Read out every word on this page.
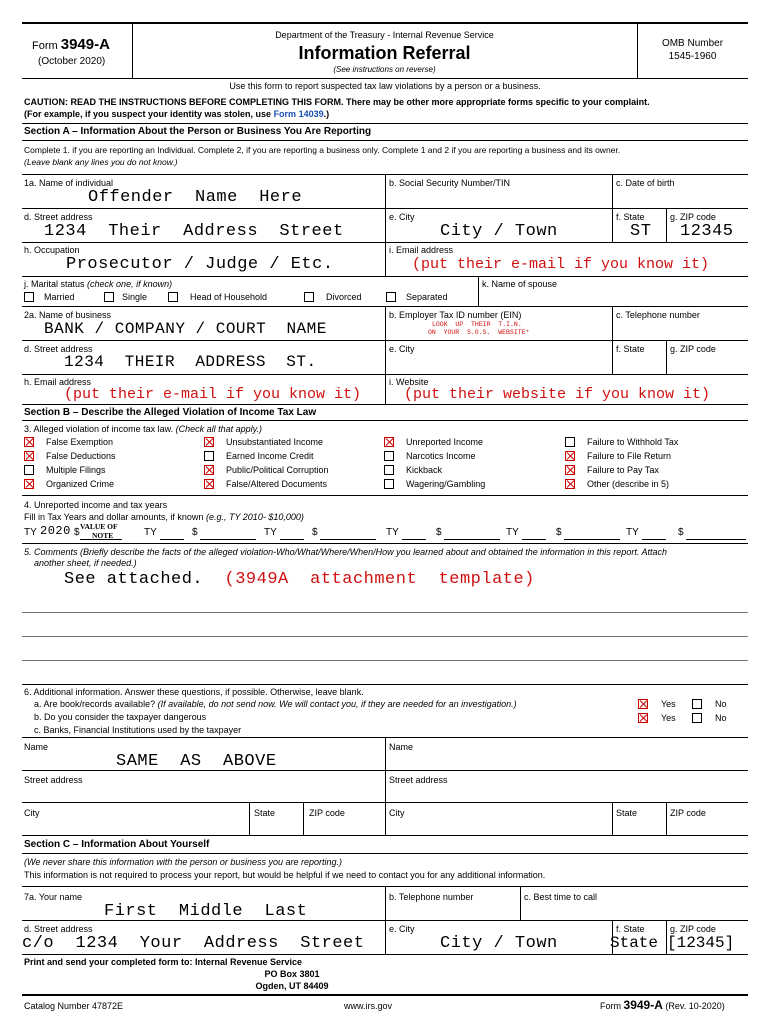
Form 3949-A
(October 2020)
Department of the Treasury - Internal Revenue Service
Information Referral
(See instructions on reverse)
OMB Number
1545-1960
Use this form to report suspected tax law violations by a person or a business.
CAUTION: READ THE INSTRUCTIONS BEFORE COMPLETING THIS FORM. There may be other more appropriate forms specific to your complaint.
(For example, if you suspect your identity was stolen, use Form 14039.)
Section A – Information About the Person or Business You Are Reporting
Complete 1. if you are reporting an Individual. Complete 2, if you are reporting a business only. Complete 1 and 2 if you are reporting a business and its owner.
(Leave blank any lines you do not know.)
1a. Name of individual
Offender  Name  Here
b. Social Security Number/TIN	c. Date of birth
d. Street address
1234  Their  Address  Street
e. City
City / Town
f. State
ST
g. ZIP code
12345
h. Occupation
Prosecutor / Judge / Etc.
i. Email address
(put their e-mail if you know it)
j. Marital status (check one, if known)
Married	Single	Head of Household	Divorced	Separated
k. Name of spouse
2a. Name of business
BANK / COMPANY / COURT  NAME
b. Employer Tax ID number (EIN)
LOOK  UP  THEIR  T.I.N.
ON  YOUR  S.O.S.  WEBSITE*
c. Telephone number
d. Street address
1234  THEIR  ADDRESS  ST.
e. City	f. State	g. ZIP code
h. Email address
(put their e-mail if you know it)
i. Website
(put their website if you know it)
Section B – Describe the Alleged Violation of Income Tax Law
3. Alleged violation of income tax law. (Check all that apply.)
False Exemption
False Deductions
Multiple Filings
Organized Crime
Unsubstantiated Income
Earned Income Credit
Public/Political Corruption
False/Altered Documents
Unreported Income
Narcotics Income
Kickback
Wagering/Gambling
Failure to Withhold Tax
Failure to File Return
Failure to Pay Tax
Other (describe in 5)
4. Unreported income and tax years
Fill in Tax Years and dollar amounts, if known (e.g., TY 2010- $10,000)
TY 2020 $
VALUE OF
NOTE	TY	$	TY	$	TY	$	TY	$	TY	$
5. Comments (Briefly describe the facts of the alleged violation-Who/What/Where/When/How you learned about and obtained the information in this report. Attach
another sheet, if needed.)
See attached. (3949A  attachment  template)
6. Additional information. Answer these questions, if possible. Otherwise, leave blank.
a. Are book/records available? (If available, do not send now. We will contact you, if they are needed for an investigation.)
b. Do you consider the taxpayer dangerous
c. Banks, Financial Institutions used by the taxpayer
Yes	No
Yes	No
Name
SAME  AS  ABOVE
Name
Street address	Street address
City	State	ZIP code	City	State	ZIP code
Section C – Information About Yourself
(We never share this information with the person or business you are reporting.)
This information is not required to process your report, but would be helpful if we need to contact you for any additional information.
7a. Your name
First  Middle  Last
b. Telephone number	c. Best time to call
d. Street address
c/o  1234  Your  Address  Street
e. City
City / Town
f. State
State
g. ZIP code
[12345]
Print and send your completed form to: Internal Revenue Service
PO Box 3801
Ogden, UT 84409
Catalog Number 47872E	www.irs.gov	Form 3949-A (Rev. 10-2020)
